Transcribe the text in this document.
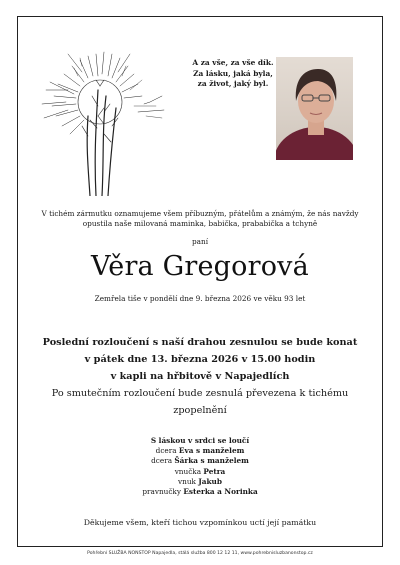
A za vše, za vše dík.
Za lásku, jaká byla,
za život, jaký byl.
V tichém zármutku oznamujeme všem příbuzným, přátelům a známým, že nás navždy opustila naše milovaná maminka, babička, prababička a tchyně
paní
Věra Gregorová
Zemřela tiše v pondělí dne 9. března 2026 ve věku 93 let
Poslední rozloučení s naší drahou zesnulou se bude konat
v pátek dne 13. března 2026 v 15.00 hodin
v kapli na hřbitově v Napajedlích
Po smutečním rozloučení bude zesnulá převezena k tichému zpopelnění
S láskou v srdci se loučí
dcera Eva s manželem
dcera Šárka s manželem
vnučka Petra
vnuk Jakub
pravnučky Esterka a Norinka
Děkujeme všem, kteří tichou vzpomínkou uctí její památku
Pohřební SLUŽBA NONSTOP Napajedla, stálá služba 800 12 12 11, www.pohrebnisluzbanonstop.cz
